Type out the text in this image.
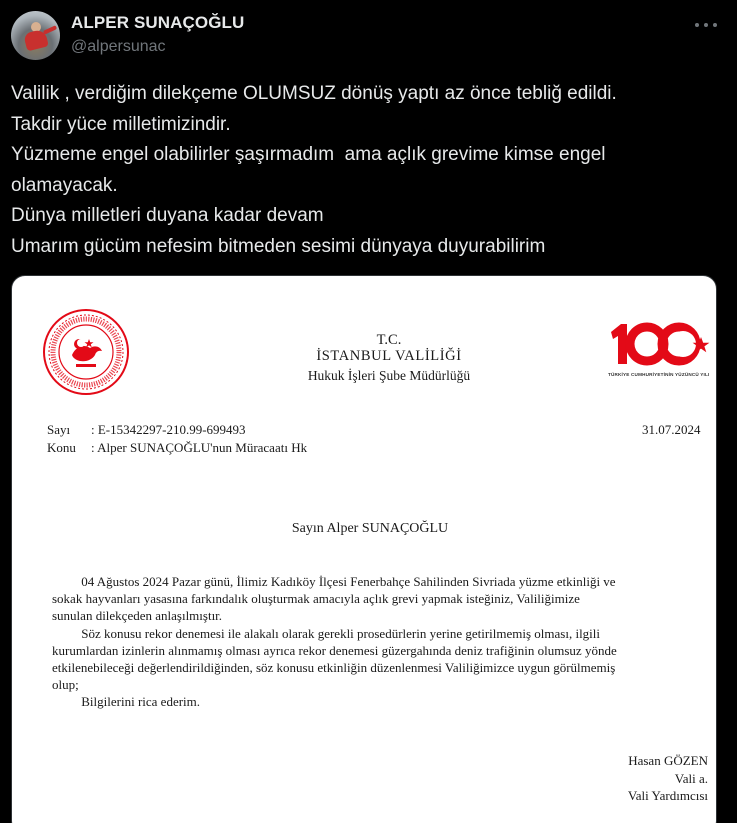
ALPER SUNAÇOĞLU
@alpersunac

Valilik , verdiğim dilekçeme OLUMSUZ dönüş yaptı az önce tebliğ edildi.

Takdir yüce milletimizindir.

Yüzmeme engel olabilirler şaşırmadım  ama açlık grevime kimse engel

olamayacak.

Dünya milletleri duyana kadar devam

Umarım gücüm nefesim bitmeden sesimi dünyaya duyurabilirim

TÜRKİYE CUMHURİYETİNİN YÜZÜNCÜ YILI
T.C.
İSTANBUL VALİLİĞİ
Hukuk İşleri Şube Müdürlüğü
Sayı : E-15342297-210.99-699493
Konu : Alper SUNAÇOĞLU'nun Müracaatı Hk
31.07.2024
Sayın Alper SUNAÇOĞLU

04 Ağustos 2024 Pazar günü, İlimiz Kadıköy İlçesi Fenerbahçe Sahilinden Sivriada yüzme etkinliği ve

sokak hayvanları yasasına farkındalık oluşturmak amacıyla açlık grevi yapmak isteğiniz, Valiliğimize

sunulan dilekçeden anlaşılmıştır.

Söz konusu rekor denemesi ile alakalı olarak gerekli prosedürlerin yerine getirilmemiş olması, ilgili

kurumlardan izinlerin alınmamış olması ayrıca rekor denemesi güzergahında deniz trafiğinin olumsuz yönde

etkilenebileceği değerlendirildiğinden, söz konusu etkinliğin düzenlenmesi Valiliğimizce uygun görülmemiş

olup;

Bilgilerini rica ederim.

Hasan GÖZEN

Vali a.

Vali Yardımcısı
